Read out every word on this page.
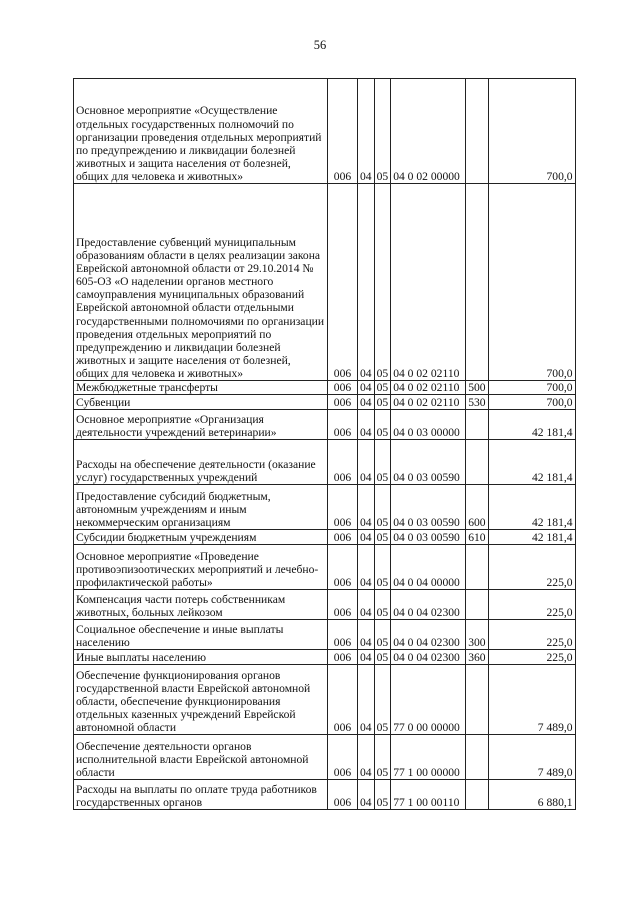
56
Основное мероприятие «Осуществление отдельных государственных полномочий по организации проведения отдельных мероприятий по предупреждению и ликвидации болезней животных и защита населения от болезней, общих для человека и животных»	006	04	05	04 0 02 00000		700,0
Предоставление субвенций муниципальным образованиям области в целях реализации закона Еврейской автономной области от 29.10.2014 № 605-ОЗ «О наделении органов местного самоуправления муниципальных образований Еврейской автономной области отдельными государственными полномочиями по организации проведения отдельных мероприятий по предупреждению и ликвидации болезней животных и защите населения от болезней, общих для человека и животных»	006	04	05	04 0 02 02110		700,0
Межбюджетные трансферты	006	04	05	04 0 02 02110	500	700,0
Субвенции	006	04	05	04 0 02 02110	530	700,0
Основное мероприятие «Организация деятельности учреждений ветеринарии»	006	04	05	04 0 03 00000		42 181,4
Расходы на обеспечение деятельности (оказание услуг) государственных учреждений	006	04	05	04 0 03 00590		42 181,4
Предоставление субсидий бюджетным, автономным учреждениям и иным некоммерческим организациям	006	04	05	04 0 03 00590	600	42 181,4
Субсидии бюджетным учреждениям	006	04	05	04 0 03 00590	610	42 181,4
Основное мероприятие «Проведение противоэпизоотических мероприятий и лечебно-профилактической работы»	006	04	05	04 0 04 00000		225,0
Компенсация части потерь собственникам животных, больных лейкозом	006	04	05	04 0 04 02300		225,0
Социальное обеспечение и иные выплаты населению	006	04	05	04 0 04 02300	300	225,0
Иные выплаты населению	006	04	05	04 0 04 02300	360	225,0
Обеспечение функционирования органов государственной власти Еврейской автономной области, обеспечение функционирования отдельных казенных учреждений Еврейской автономной области	006	04	05	77 0 00 00000		7 489,0
Обеспечение деятельности органов исполнительной власти Еврейской автономной области	006	04	05	77 1 00 00000		7 489,0
Расходы на выплаты по оплате труда работников государственных органов	006	04	05	77 1 00 00110		6 880,1
